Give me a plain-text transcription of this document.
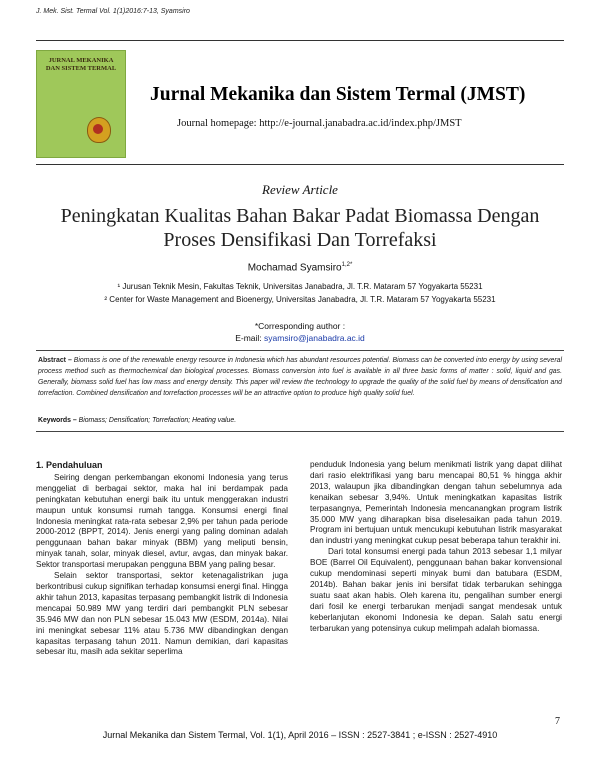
J. Mek. Sist. Termal Vol. 1(1)2016:7-13, Syamsiro
JURNAL MEKANIKA DAN SISTEM TERMAL
Jurnal Mekanika dan Sistem Termal (JMST)
Journal homepage: http://e-journal.janabadra.ac.id/index.php/JMST
Review Article
Peningkatan Kualitas Bahan Bakar Padat Biomassa Dengan
Proses Densifikasi Dan Torrefaksi
Mochamad Syamsiro$^{1,2*}$
¹ Jurusan Teknik Mesin, Fakultas Teknik, Universitas Janabadra, Jl. T.R. Mataram 57 Yogyakarta 55231
² Center for Waste Management and Bioenergy, Universitas Janabadra, Jl. T.R. Mataram 57 Yogyakarta 55231
*Corresponding author :
E-mail: syamsiro@janabadra.ac.id
Abstract – Biomass is one of the renewable energy resource in Indonesia which has abundant resources potential. Biomass can be converted into energy by using several process method such as thermochemical dan biological processes. Biomass conversion into fuel is available in all three basic forms of matter : solid, liquid and gas. Generally, biomass solid fuel has low mass and energy density. This paper will review the technology to upgrade the quality of the solid fuel by means of densification and torrefaction. Combined densification and torrefaction processes will be an attractive option to produce high quality solid fuel.
Keywords – Biomass; Densification; Torrefaction; Heating value.
1. Pendahuluan

Seiring dengan perkembangan ekonomi Indonesia yang terus menggeliat di berbagai sektor, maka hal ini berdampak pada peningkatan kebutuhan energi baik itu untuk menggerakan industri maupun untuk konsumsi rumah tangga. Konsumsi energi final Indonesia meningkat rata-rata sebesar 2,9% per tahun pada periode 2000-2012 (BPPT, 2014). Jenis energi yang paling dominan adalah penggunaan bahan bakar minyak (BBM) yang meliputi bensin, minyak tanah, solar, minyak diesel, avtur, avgas, dan minyak bakar. Sektor transportasi merupakan pengguna BBM yang paling besar.

Selain sektor transportasi, sektor ketenagalistrikan juga berkontribusi cukup signifikan terhadap konsumsi energi final. Hingga akhir tahun 2013, kapasitas terpasang pembangkit listrik di Indonesia mencapai 50.989 MW yang terdiri dari pembangkit PLN sebesar 35.946 MW dan non PLN sebesar 15.043 MW (ESDM, 2014a). Nilai ini meningkat sebesar 11% atau 5.736 MW dibandingkan dengan kapasitas terpasang tahun 2011. Namun demikian, dari kapasitas sebesar itu, masih ada sekitar seperlima

penduduk Indonesia yang belum menikmati listrik yang dapat dilihat dari rasio elektrifikasi yang baru mencapai 80,51 % hingga akhir 2013, walaupun jika dibandingkan dengan tahun sebelumnya ada kenaikan sebesar 3,94%. Untuk meningkatkan kapasitas listrik terpasangnya, Pemerintah Indonesia mencanangkan program listrik 35.000 MW yang diharapkan bisa diselesaikan pada tahun 2019. Program ini bertujuan untuk mencukupi kebutuhan listrik masyarakat dan industri yang meningkat cukup pesat beberapa tahun terakhir ini.

Dari total konsumsi energi pada tahun 2013 sebesar 1,1 milyar BOE (Barrel Oil Equivalent), penggunaan bahan bakar konvensional cukup mendominasi seperti minyak bumi dan batubara (ESDM, 2014b). Bahan bakar jenis ini bersifat tidak terbarukan sehingga suatu saat akan habis. Oleh karena itu, pengalihan sumber energi dari fosil ke energi terbarukan menjadi sangat mendesak untuk keberlanjutan ekonomi Indonesia ke depan. Salah satu energi terbarukan yang potensinya cukup melimpah adalah biomassa.

7
Jurnal Mekanika dan Sistem Termal, Vol. 1(1), April 2016 – ISSN : 2527-3841 ; e-ISSN : 2527-4910
